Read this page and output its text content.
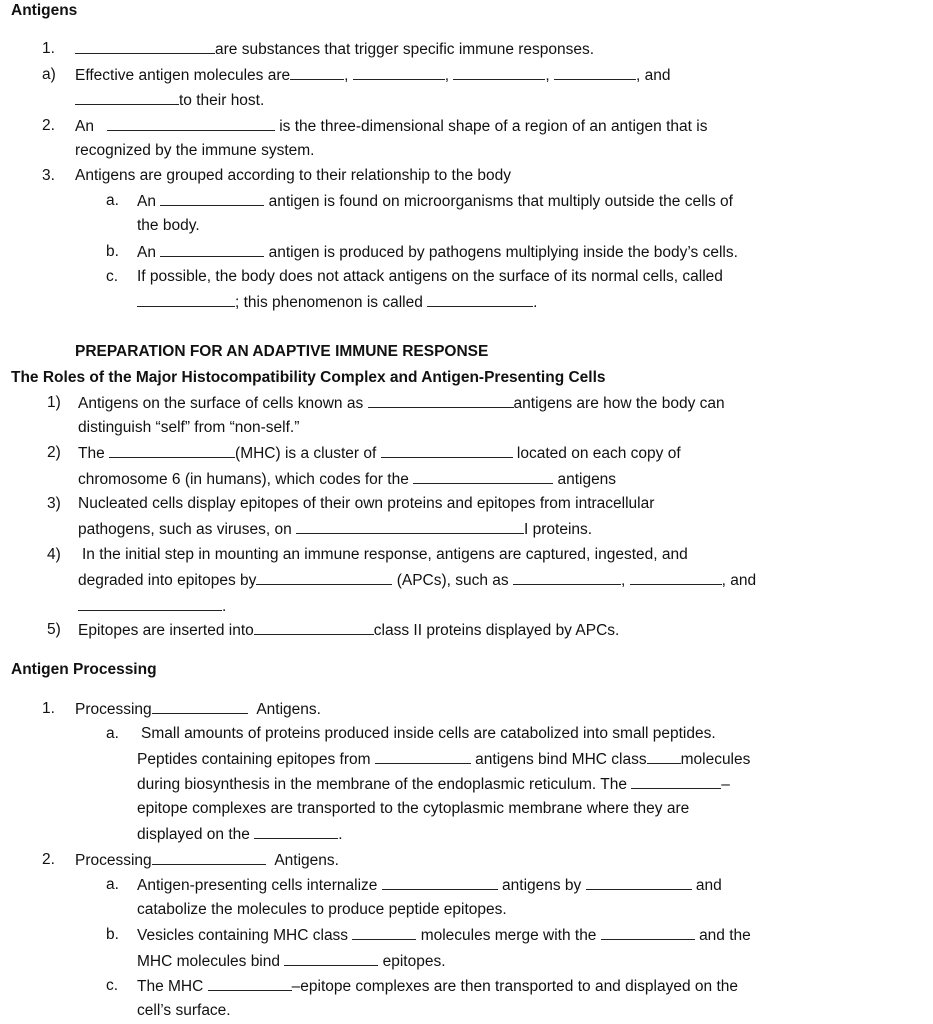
Antigens
1.	are substances that trigger specific immune responses.
a) Effective antigen molecules are	,	,	,	, and
to their host.
2. An	is the three-dimensional shape of a region of an antigen that is
recognized by the immune system.
3. Antigens are grouped according to their relationship to the body
a. An	antigen is found on microorganisms that multiply outside the cells of
the body.
b. An	antigen is produced by pathogens multiplying inside the body’s cells.
c. If possible, the body does not attack antigens on the surface of its normal cells, called
; this phenomenon is called	.
PREPARATION FOR AN ADAPTIVE IMMUNE RESPONSE
The Roles of the Major Histocompatibility Complex and Antigen-Presenting Cells
1) Antigens on the surface of cells known as	antigens are how the body can
distinguish “self” from “non-self.”
2) The	(MHC) is a cluster of	located on each copy of
chromosome 6 (in humans), which codes for the	antigens
3) Nucleated cells display epitopes of their own proteins and epitopes from intracellular
pathogens, such as viruses, on	I proteins.
4) In the initial step in mounting an immune response, antigens are captured, ingested, and
degraded into epitopes by	(APCs), such as	,	, and
.
5) Epitopes are inserted into	class II proteins displayed by APCs.
Antigen Processing
1. Processing	Antigens.
a. Small amounts of proteins produced inside cells are catabolized into small peptides.
Peptides containing epitopes from	antigens bind MHC class molecules
during biosynthesis in the membrane of the endoplasmic reticulum. The	–
epitope complexes are transported to the cytoplasmic membrane where they are
displayed on the	.
2. Processing	Antigens.
a. Antigen-presenting cells internalize	antigens by	and
catabolize the molecules to produce peptide epitopes.
b. Vesicles containing MHC class	molecules merge with the	and the
MHC molecules bind	epitopes.
c. The MHC	–epitope complexes are then transported to and displayed on the
cell’s surface.
